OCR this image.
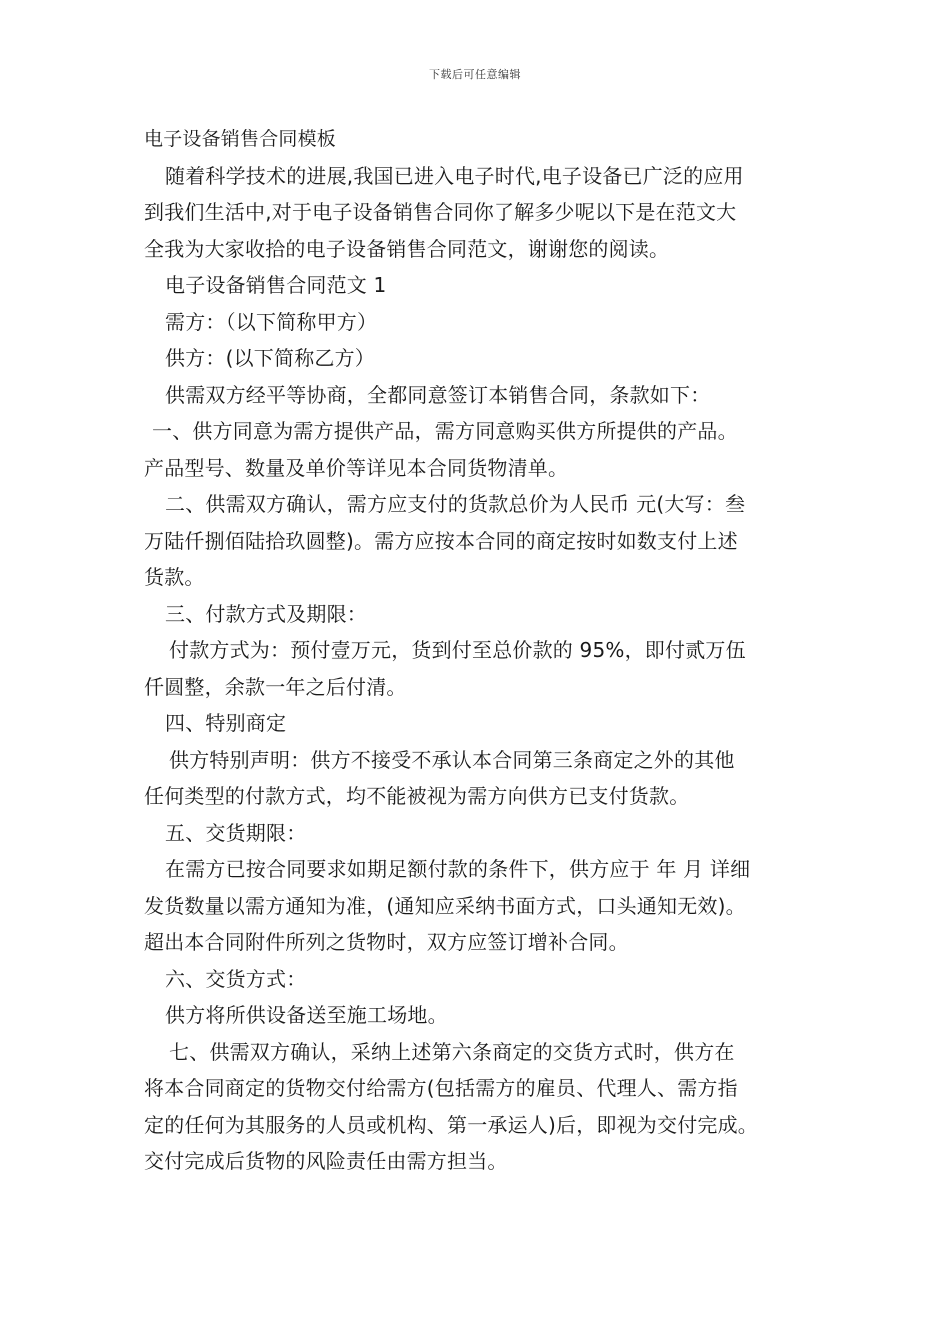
下载后可任意编辑
电子设备销售合同模板
随着科学技术的进展,我国已进入电子时代,电子设备已广泛的应用
到我们生活中,对于电子设备销售合同你了解多少呢以下是在范文大
全我为大家收拾的电子设备销售合同范文，谢谢您的阅读。
电子设备销售合同范文 1
需方：（以下简称甲方）
供方：(以下简称乙方）
供需双方经平等协商，全都同意签订本销售合同，条款如下：
一、供方同意为需方提供产品，需方同意购买供方所提供的产品。
产品型号、数量及单价等详见本合同货物清单。
二、供需双方确认，需方应支付的货款总价为人民币 元(大写：叁
万陆仟捌佰陆拾玖圆整)。需方应按本合同的商定按时如数支付上述
货款。
三、付款方式及期限：
付款方式为：预付壹万元，货到付至总价款的 95%，即付贰万伍
仟圆整，余款一年之后付清。
四、特别商定
供方特别声明：供方不接受不承认本合同第三条商定之外的其他
任何类型的付款方式，均不能被视为需方向供方已支付货款。
五、交货期限：
在需方已按合同要求如期足额付款的条件下，供方应于 年 月 详细
发货数量以需方通知为准，(通知应采纳书面方式，口头通知无效)。
超出本合同附件所列之货物时，双方应签订增补合同。
六、交货方式：
供方将所供设备送至施工场地。
七、供需双方确认，采纳上述第六条商定的交货方式时，供方在
将本合同商定的货物交付给需方(包括需方的雇员、代理人、需方指
定的任何为其服务的人员或机构、第一承运人)后，即视为交付完成。
交付完成后货物的风险责任由需方担当。
